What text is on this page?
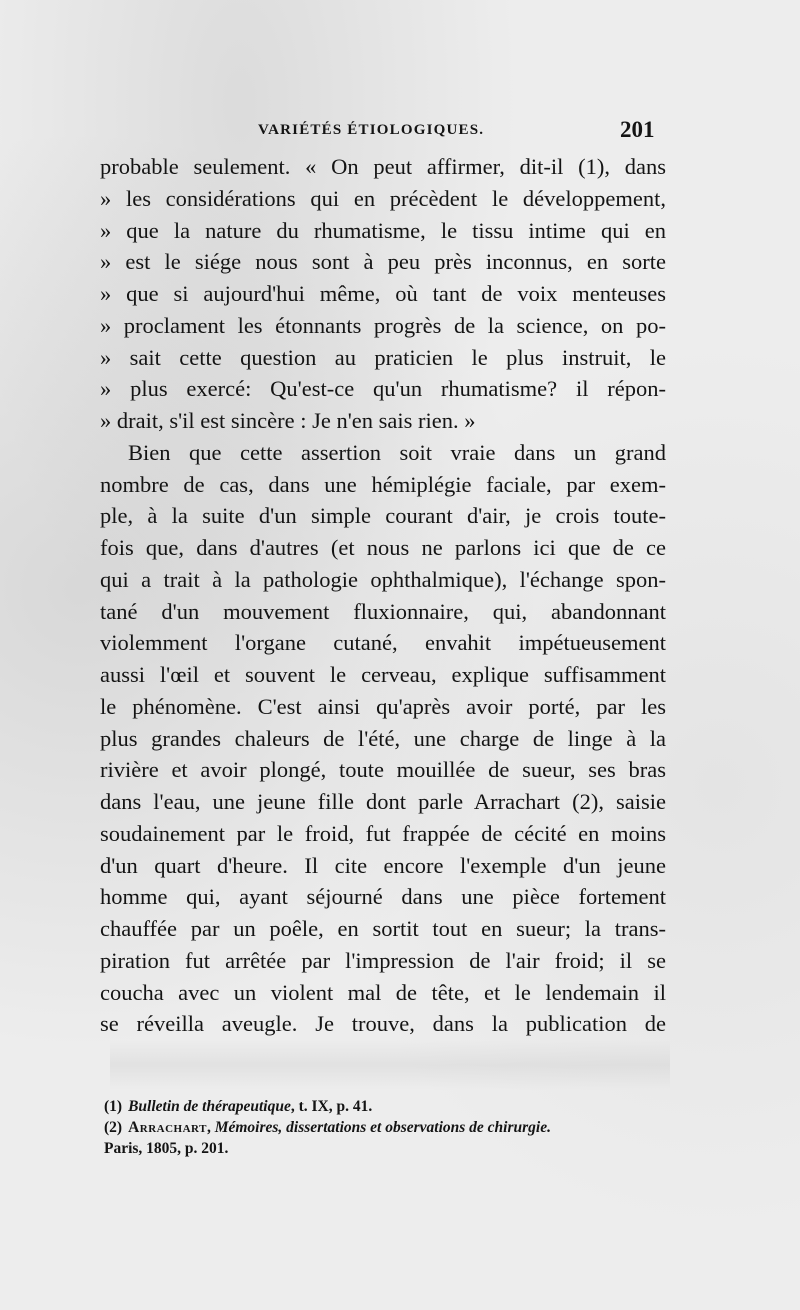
VARIÉTÉS ÉTIOLOGIQUES.	201
probable seulement. « On peut affirmer, dit-il (1), dans
» les considérations qui en précèdent le développement,
» que la nature du rhumatisme, le tissu intime qui en
» est le siége nous sont à peu près inconnus, en sorte
» que si aujourd'hui même, où tant de voix menteuses
» proclament les étonnants progrès de la science, on po-
» sait cette question au praticien le plus instruit, le
» plus exercé: Qu'est-ce qu'un rhumatisme? il répon-
» drait, s'il est sincère : Je n'en sais rien. »
Bien que cette assertion soit vraie dans un grand
nombre de cas, dans une hémiplégie faciale, par exem-
ple, à la suite d'un simple courant d'air, je crois toute-
fois que, dans d'autres (et nous ne parlons ici que de ce
qui a trait à la pathologie ophthalmique), l'échange spon-
tané d'un mouvement fluxionnaire, qui, abandonnant
violemment l'organe cutané, envahit impétueusement
aussi l'œil et souvent le cerveau, explique suffisamment
le phénomène. C'est ainsi qu'après avoir porté, par les
plus grandes chaleurs de l'été, une charge de linge à la
rivière et avoir plongé, toute mouillée de sueur, ses bras
dans l'eau, une jeune fille dont parle Arrachart (2), saisie
soudainement par le froid, fut frappée de cécité en moins
d'un quart d'heure. Il cite encore l'exemple d'un jeune
homme qui, ayant séjourné dans une pièce fortement
chauffée par un poêle, en sortit tout en sueur; la trans-
piration fut arrêtée par l'impression de l'air froid; il se
coucha avec un violent mal de tête, et le lendemain il
se réveilla aveugle. Je trouve, dans la publication de
(1) Bulletin de thérapeutique, t. IX, p. 41.
(2) Arrachart, Mémoires, dissertations et observations de chirurgie.
Paris, 1805, p. 201.
